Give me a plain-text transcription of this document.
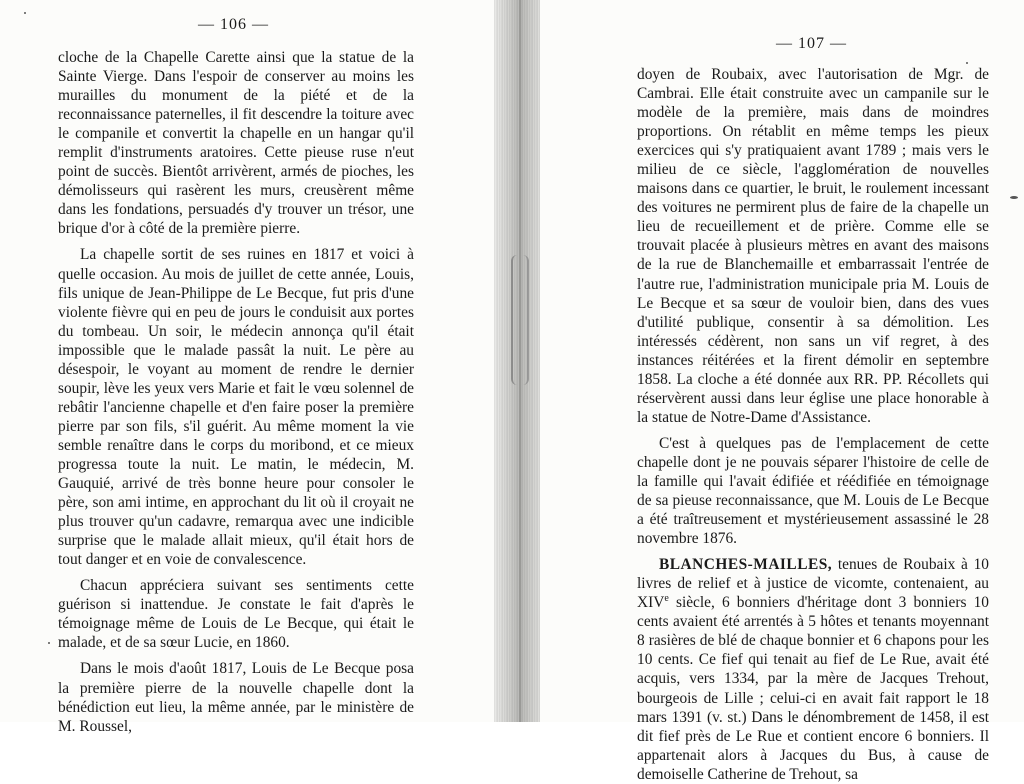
— 106 —

cloche de la Chapelle Carette ainsi que la statue de la Sainte Vierge. Dans l'espoir de conserver au moins les murailles du monument de la piété et de la reconnaissance paternelles, il fit descendre la toiture avec le companile et convertit la chapelle en un hangar qu'il remplit d'instruments aratoires. Cette pieuse ruse n'eut point de succès. Bientôt arrivèrent, armés de pioches, les démolisseurs qui rasèrent les murs, creusèrent même dans les fondations, persuadés d'y trouver un trésor, une brique d'or à côté de la première pierre.

La chapelle sortit de ses ruines en 1817 et voici à quelle occasion. Au mois de juillet de cette année, Louis, fils unique de Jean-Philippe de Le Becque, fut pris d'une violente fièvre qui en peu de jours le conduisit aux portes du tombeau. Un soir, le médecin annonça qu'il était impossible que le malade passât la nuit. Le père au désespoir, le voyant au moment de rendre le dernier soupir, lève les yeux vers Marie et fait le vœu solennel de rebâtir l'ancienne chapelle et d'en faire poser la première pierre par son fils, s'il guérit. Au même moment la vie semble renaître dans le corps du moribond, et ce mieux progressa toute la nuit. Le matin, le médecin, M. Gauquié, arrivé de très bonne heure pour consoler le père, son ami intime, en approchant du lit où il croyait ne plus trouver qu'un cadavre, remarqua avec une indicible surprise que le malade allait mieux, qu'il était hors de tout danger et en voie de convalescence.

Chacun appréciera suivant ses sentiments cette guérison si inattendue. Je constate le fait d'après le témoignage même de Louis de Le Becque, qui était le malade, et de sa sœur Lucie, en 1860.

Dans le mois d'août 1817, Louis de Le Becque posa la première pierre de la nouvelle chapelle dont la bénédiction eut lieu, la même année, par le ministère de M. Roussel,

— 107 —

doyen de Roubaix, avec l'autorisation de Mgr. de Cambrai. Elle était construite avec un campanile sur le modèle de la première, mais dans de moindres proportions. On rétablit en même temps les pieux exercices qui s'y pratiquaient avant 1789 ; mais vers le milieu de ce siècle, l'agglomération de nouvelles maisons dans ce quartier, le bruit, le roulement incessant des voitures ne permirent plus de faire de la chapelle un lieu de recueillement et de prière. Comme elle se trouvait placée à plusieurs mètres en avant des maisons de la rue de Blanchemaille et embarrassait l'entrée de l'autre rue, l'administration municipale pria M. Louis de Le Becque et sa sœur de vouloir bien, dans des vues d'utilité publique, consentir à sa démolition. Les intéressés cédèrent, non sans un vif regret, à des instances réitérées et la firent démolir en septembre 1858. La cloche a été donnée aux RR. PP. Récollets qui réservèrent aussi dans leur église une place honorable à la statue de Notre-Dame d'Assistance.

C'est à quelques pas de l'emplacement de cette chapelle dont je ne pouvais séparer l'histoire de celle de la famille qui l'avait édifiée et réédifiée en témoignage de sa pieuse reconnaissance, que M. Louis de Le Becque a été traîtreusement et mystérieusement assassiné le 28 novembre 1876.

BLANCHES-MAILLES, tenues de Roubaix à 10 livres de relief et à justice de vicomte, contenaient, au XIVe siècle, 6 bonniers d'héritage dont 3 bonniers 10 cents avaient été arrentés à 5 hôtes et tenants moyennant 8 rasières de blé de chaque bonnier et 6 chapons pour les 10 cents. Ce fief qui tenait au fief de Le Rue, avait été acquis, vers 1334, par la mère de Jacques Trehout, bourgeois de Lille ; celui-ci en avait fait rapport le 18 mars 1391 (v. st.) Dans le dénombrement de 1458, il est dit fief près de Le Rue et contient encore 6 bonniers. Il appartenait alors à Jacques du Bus, à cause de demoiselle Catherine de Trehout, sa
